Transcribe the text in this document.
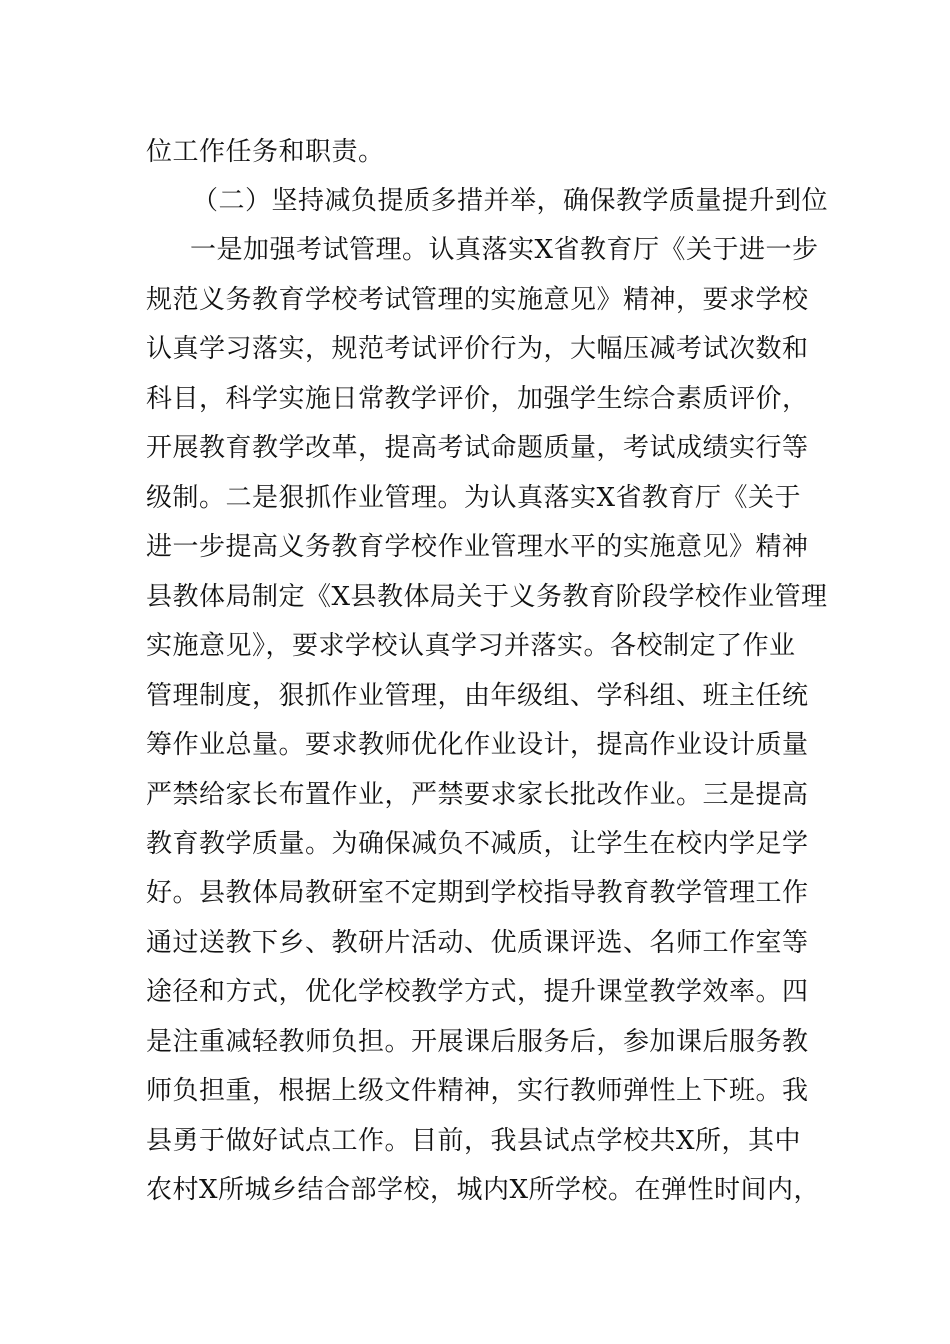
位工作任务和职责。
（二）坚持减负提质多措并举，确保教学质量提升到位
一是加强考试管理。认真落实X省教育厅《关于进一步
规范义务教育学校考试管理的实施意见》精神，要求学校
认真学习落实，规范考试评价行为，大幅压减考试次数和
科目，科学实施日常教学评价，加强学生综合素质评价，
开展教育教学改革，提高考试命题质量，考试成绩实行等
级制。二是狠抓作业管理。为认真落实X省教育厅《关于
进一步提高义务教育学校作业管理水平的实施意见》精神
县教体局制定《X县教体局关于义务教育阶段学校作业管理
实施意见》，要求学校认真学习并落实。各校制定了作业
管理制度，狠抓作业管理，由年级组、学科组、班主任统
筹作业总量。要求教师优化作业设计，提高作业设计质量
严禁给家长布置作业，严禁要求家长批改作业。三是提高
教育教学质量。为确保减负不减质，让学生在校内学足学
好。县教体局教研室不定期到学校指导教育教学管理工作
通过送教下乡、教研片活动、优质课评选、名师工作室等
途径和方式，优化学校教学方式，提升课堂教学效率。四
是注重减轻教师负担。开展课后服务后，参加课后服务教
师负担重，根据上级文件精神，实行教师弹性上下班。我
县勇于做好试点工作。目前，我县试点学校共X所，其中
农村X所城乡结合部学校，城内X所学校。在弹性时间内，
